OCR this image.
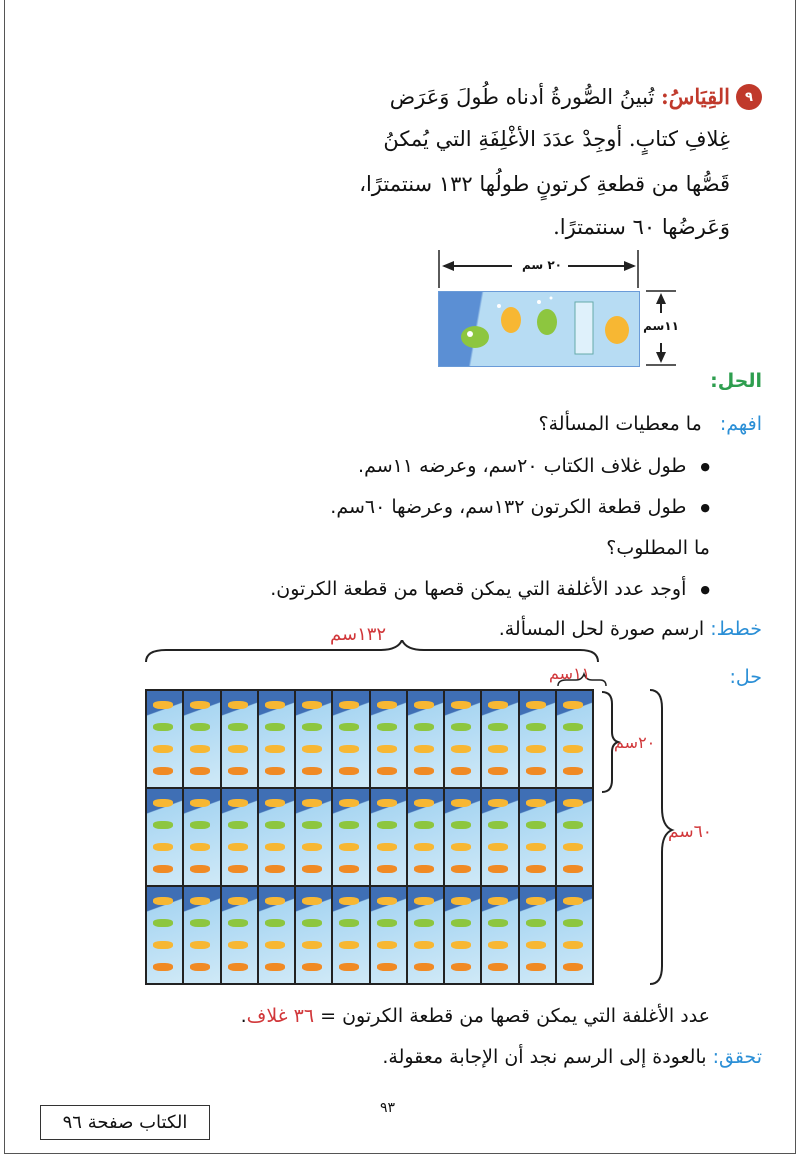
٩
القِيَاسُ: تُبينُ الصُّورةُ أدناه طُولَ وَعَرَض
غِلافِ كتابٍ. أوجِدْ عدَدَ الأغْلِفَةِ التي يُمكنُ
قَصُّها من قطعةِ كرتونٍ طولُها ١٣٢ سنتمترًا،
وَعَرضُها ٦٠ سنتمترًا.
٢٠ سم
١١سم
الحل:
افهم: ما معطيات المسألة؟
● طول غلاف الكتاب ٢٠سم، وعرضه ١١سم.
● طول قطعة الكرتون ١٣٢سم، وعرضها ٦٠سم.
ما المطلوب؟
● أوجد عدد الأغلفة التي يمكن قصها من قطعة الكرتون.
خطط: ارسم صورة لحل المسألة.
حل:
١٣٢سم
١١سم
٢٠سم
٦٠سم
عدد الأغلفة التي يمكن قصها من قطعة الكرتون = ٣٦ غلاف.
تحقق: بالعودة إلى الرسم نجد أن الإجابة معقولة.
٩٣
الكتاب صفحة ٩٦
